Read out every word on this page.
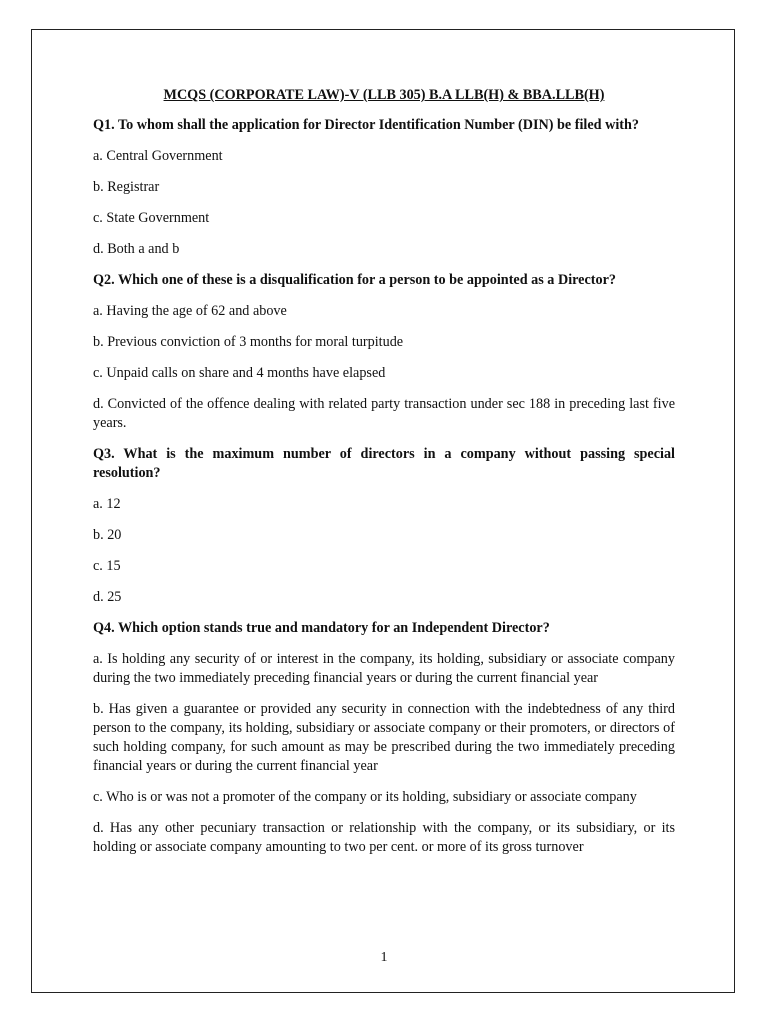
MCQS (CORPORATE LAW)-V (LLB 305) B.A LLB(H) & BBA.LLB(H)

Q1. To whom shall the application for Director Identification Number (DIN) be filed with?

a. Central Government

b. Registrar

c. State Government

d. Both a and b

Q2. Which one of these is a disqualification for a person to be appointed as a Director?

a. Having the age of 62 and above

b. Previous conviction of 3 months for moral turpitude

c. Unpaid calls on share and 4 months have elapsed

d. Convicted of the offence dealing with related party transaction under sec 188 in preceding last five years.

Q3. What is the maximum number of directors in a company without passing special resolution?

a. 12

b. 20

c. 15

d. 25

Q4. Which option stands true and mandatory for an Independent Director?

a. Is holding any security of or interest in the company, its holding, subsidiary or associate company during the two immediately preceding financial years or during the current financial year

b. Has given a guarantee or provided any security in connection with the indebtedness of any third person to the company, its holding, subsidiary or associate company or their promoters, or directors of such holding company, for such amount as may be prescribed during the two immediately preceding financial years or during the current financial year

c. Who is or was not a promoter of the company or its holding, subsidiary or associate company

d. Has any other pecuniary transaction or relationship with the company, or its subsidiary, or its holding or associate company amounting to two per cent. or more of its gross turnover

1
